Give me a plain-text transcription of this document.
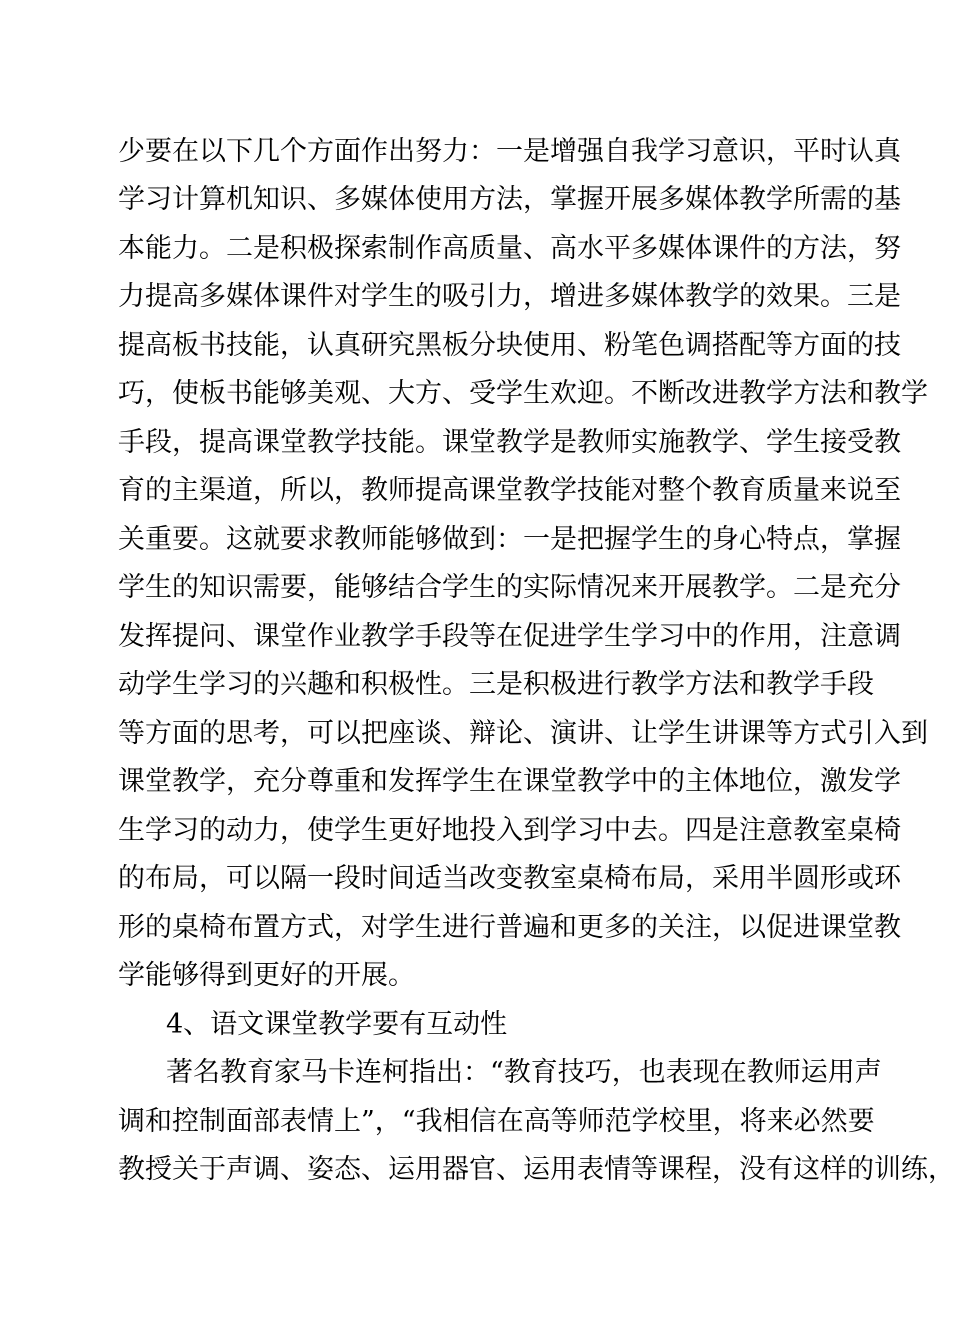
少要在以下几个方面作出努力：一是增强自我学习意识，平时认真
学习计算机知识、多媒体使用方法，掌握开展多媒体教学所需的基
本能力。二是积极探索制作高质量、高水平多媒体课件的方法，努
力提高多媒体课件对学生的吸引力，增进多媒体教学的效果。三是
提高板书技能，认真研究黑板分块使用、粉笔色调搭配等方面的技
巧，使板书能够美观、大方、受学生欢迎。不断改进教学方法和教学
手段，提高课堂教学技能。课堂教学是教师实施教学、学生接受教
育的主渠道，所以，教师提高课堂教学技能对整个教育质量来说至
关重要。这就要求教师能够做到：一是把握学生的身心特点，掌握
学生的知识需要，能够结合学生的实际情况来开展教学。二是充分
发挥提问、课堂作业教学手段等在促进学生学习中的作用，注意调
动学生学习的兴趣和积极性。三是积极进行教学方法和教学手段
等方面的思考，可以把座谈、辩论、演讲、让学生讲课等方式引入到
课堂教学，充分尊重和发挥学生在课堂教学中的主体地位，激发学
生学习的动力，使学生更好地投入到学习中去。四是注意教室桌椅
的布局，可以隔一段时间适当改变教室桌椅布局，采用半圆形或环
形的桌椅布置方式，对学生进行普遍和更多的关注，以促进课堂教
学能够得到更好的开展。
4、语文课堂教学要有互动性
著名教育家马卡连柯指出：“教育技巧，也表现在教师运用声
调和控制面部表情上”，“我相信在高等师范学校里，将来必然要
教授关于声调、姿态、运用器官、运用表情等课程，没有这样的训练，
